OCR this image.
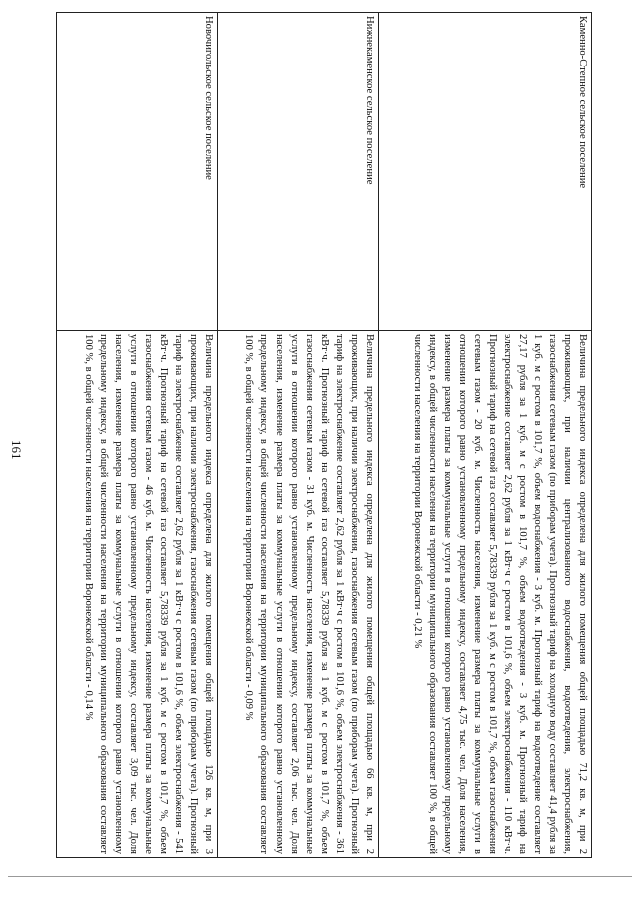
161
Каменно-Степное сельское поселение	Величина предельного индекса определена для жилого помещения общей площадью 71,2 кв. м, при 2 проживающих, при наличии централизованного водоснабжения, водоотведения, электроснабжения, газоснабжения сетевым газом (по приборам учета). Прогнозный тариф на холодную воду составляет 41,4 рубля за 1 куб. м с ростом в 101,7 %, объем водоснабжения - 3 куб. м. Прогнозный тариф на водоотведение составляет 27,17 рубля за 1 куб. м с ростом в 101,7 %, объем водоотведения - 3 куб. м. Прогнозный тариф на электроснабжение составляет 2,62 рубля за 1 кВт·ч с ростом в 101,6 %, объем электроснабжения - 110 кВт·ч. Прогнозный тариф на сетевой газ составляет 5,78339 рубля за 1 куб. м с ростом в 101,7 %, объем газоснабжения сетевым газом - 20 куб. м. Численность населения, изменение размера платы за коммунальные услуги в отношении которого равно установленному предельному индексу, составляет 4,75 тыс. чел. Доля населения, изменение размера платы за коммунальные услуги в отношении которого равно установленному предельному индексу, в общей численности населения на территории муниципального образования составляет 100 %, в общей численности населения на территории Воронежской области - 0,21 %
Нижнекаменское сельское поселение	Величина предельного индекса определена для жилого помещения общей площадью 66 кв. м, при 2 проживающих, при наличии электроснабжения, газоснабжения сетевым газом (по приборам учета). Прогнозный тариф на электроснабжение составляет 2,62 рубля за 1 кВт·ч с ростом в 101,6 %, объем электроснабжения - 361 кВт·ч. Прогнозный тариф на сетевой газ составляет 5,78339 рубля за 1 куб. м с ростом в 101,7 %, объем газоснабжения сетевым газом - 31 куб. м. Численность населения, изменение размера платы за коммунальные услуги в отношении которого равно установленному предельному индексу, составляет 2,06 тыс. чел. Доля населения, изменение размера платы за коммунальные услуги в отношении которого равно установленному предельному индексу, в общей численности населения на территории муниципального образования составляет 100 %, в общей численности населения на территории Воронежской области - 0,09 %
Новочигольское сельское поселение	Величина предельного индекса определена для жилого помещения общей площадью 126 кв. м, при 3 проживающих, при наличии электроснабжения, газоснабжения сетевым газом (по приборам учета). Прогнозный тариф на электроснабжение составляет 2,62 рубля за 1 кВт·ч с ростом в 101,6 %, объем электроснабжения - 541 кВт·ч. Прогнозный тариф на сетевой газ составляет 5,78339 рубля за 1 куб. м с ростом в 101,7 %, объем газоснабжения сетевым газом - 46 куб. м. Численность населения, изменение размера платы за коммунальные услуги в отношении которого равно установленному предельному индексу, составляет 3,09 тыс. чел. Доля населения, изменение размера платы за коммунальные услуги в отношении которого равно установленному предельному индексу, в общей численности населения на территории муниципального образования составляет 100 %, в общей численности населения на территории Воронежской области - 0,14 %
